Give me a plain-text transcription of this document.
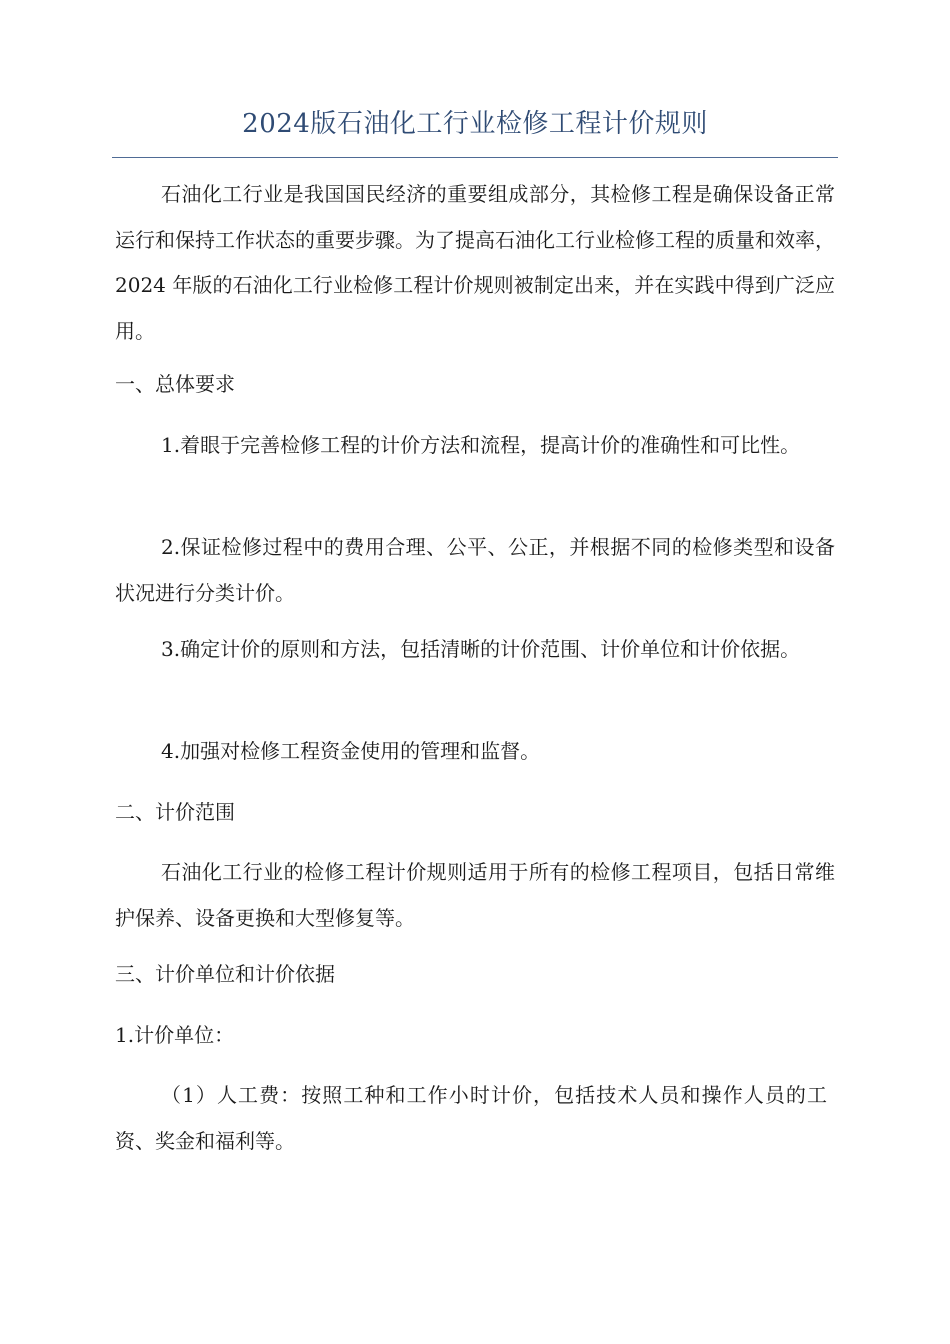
2024版石油化工行业检修工程计价规则

石油化工行业是我国国民经济的重要组成部分，其检修工程是确保设备正常运行和保持工作状态的重要步骤。为了提高石油化工行业检修工程的质量和效率，2024 年版的石油化工行业检修工程计价规则被制定出来，并在实践中得到广泛应用。

一、总体要求

1.着眼于完善检修工程的计价方法和流程，提高计价的准确性和可比性。

2.保证检修过程中的费用合理、公平、公正，并根据不同的检修类型和设备状况进行分类计价。

3.确定计价的原则和方法，包括清晰的计价范围、计价单位和计价依据。

4.加强对检修工程资金使用的管理和监督。

二、计价范围

石油化工行业的检修工程计价规则适用于所有的检修工程项目，包括日常维护保养、设备更换和大型修复等。

三、计价单位和计价依据

1.计价单位：

（1）人工费：按照工种和工作小时计价，包括技术人员和操作人员的工资、奖金和福利等。
